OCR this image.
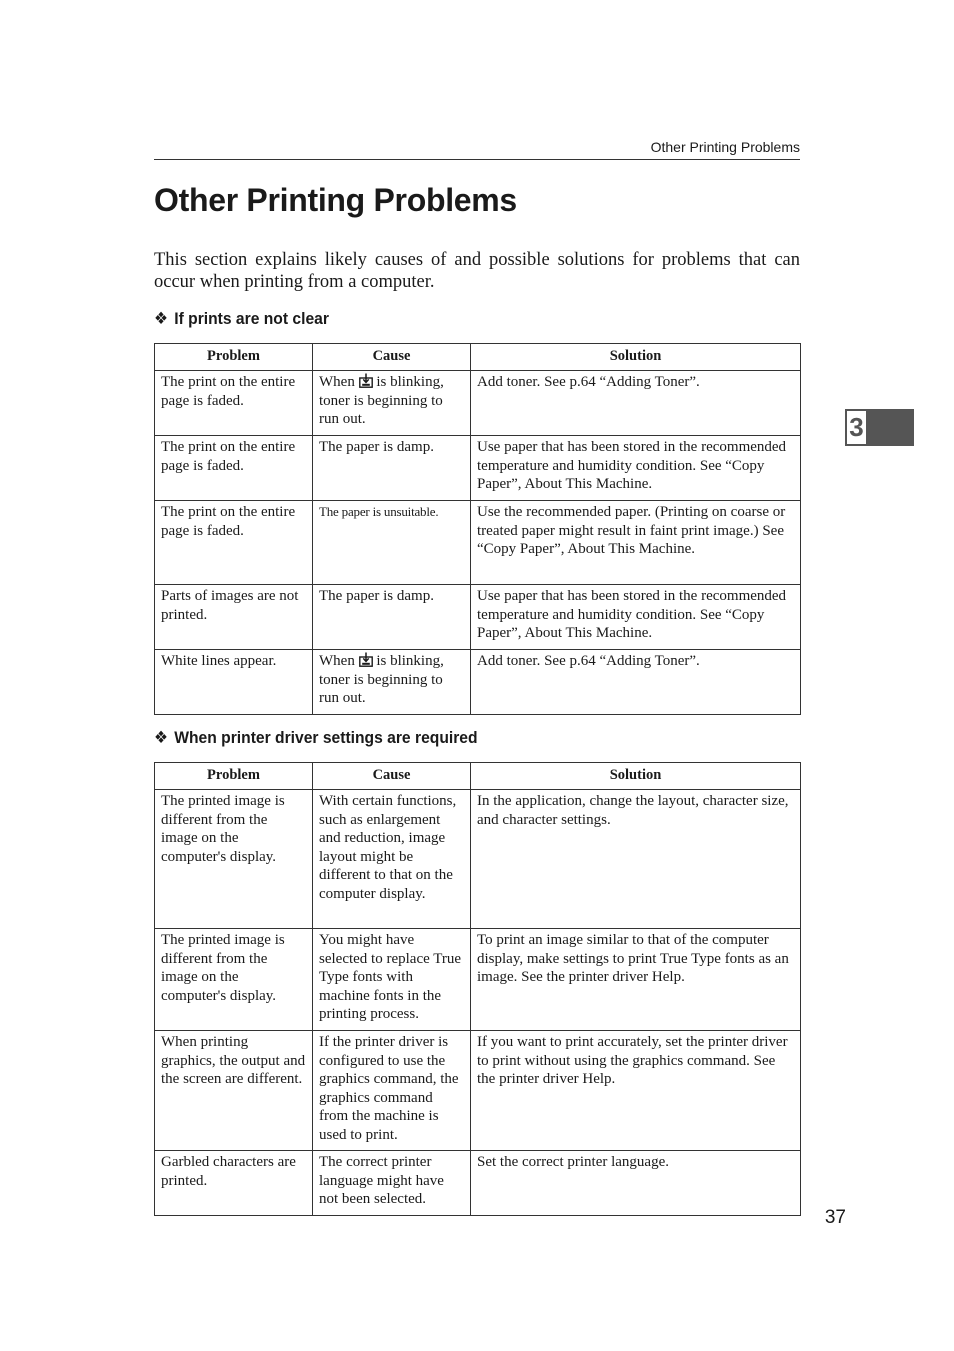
Other Printing Problems
Other Printing Problems

This section explains likely causes of and possible solutions for problems that can occur when printing from a computer.

❖ If prints are not clear
Problem	Cause	Solution
The print on the entire page is faded.	When is blinking, toner is beginning to run out.	Add toner. See p.64 “Adding Toner”.
The print on the entire page is faded.	The paper is damp.	Use paper that has been stored in the recommended temperature and humidity condition. See “Copy Paper”, About This Machine.
The print on the entire page is faded.	The paper is unsuitable.	Use the recommended paper. (Printing on coarse or treated paper might result in faint print image.) See “Copy Paper”, About This Machine.
Parts of images are not printed.	The paper is damp.	Use paper that has been stored in the recommended temperature and humidity condition. See “Copy Paper”, About This Machine.
White lines appear.	When is blinking, toner is beginning to run out.	Add toner. See p.64 “Adding Toner”.
❖ When printer driver settings are required
Problem	Cause	Solution
The printed image is different from the image on the computer's display.	With certain functions, such as enlargement and reduction, image layout might be different to that on the computer display.	In the application, change the layout, character size, and character settings.
The printed image is different from the image on the computer's display.	You might have selected to replace True Type fonts with machine fonts in the printing process.	To print an image similar to that of the computer display, make settings to print True Type fonts as an image. See the printer driver Help.
When printing graphics, the output and the screen are different.	If the printer driver is configured to use the graphics command, the graphics command from the machine is used to print.	If you want to print accurately, set the printer driver to print without using the graphics command. See the printer driver Help.
Garbled characters are printed.	The correct printer language might have not been selected.	Set the correct printer language.
3
37
